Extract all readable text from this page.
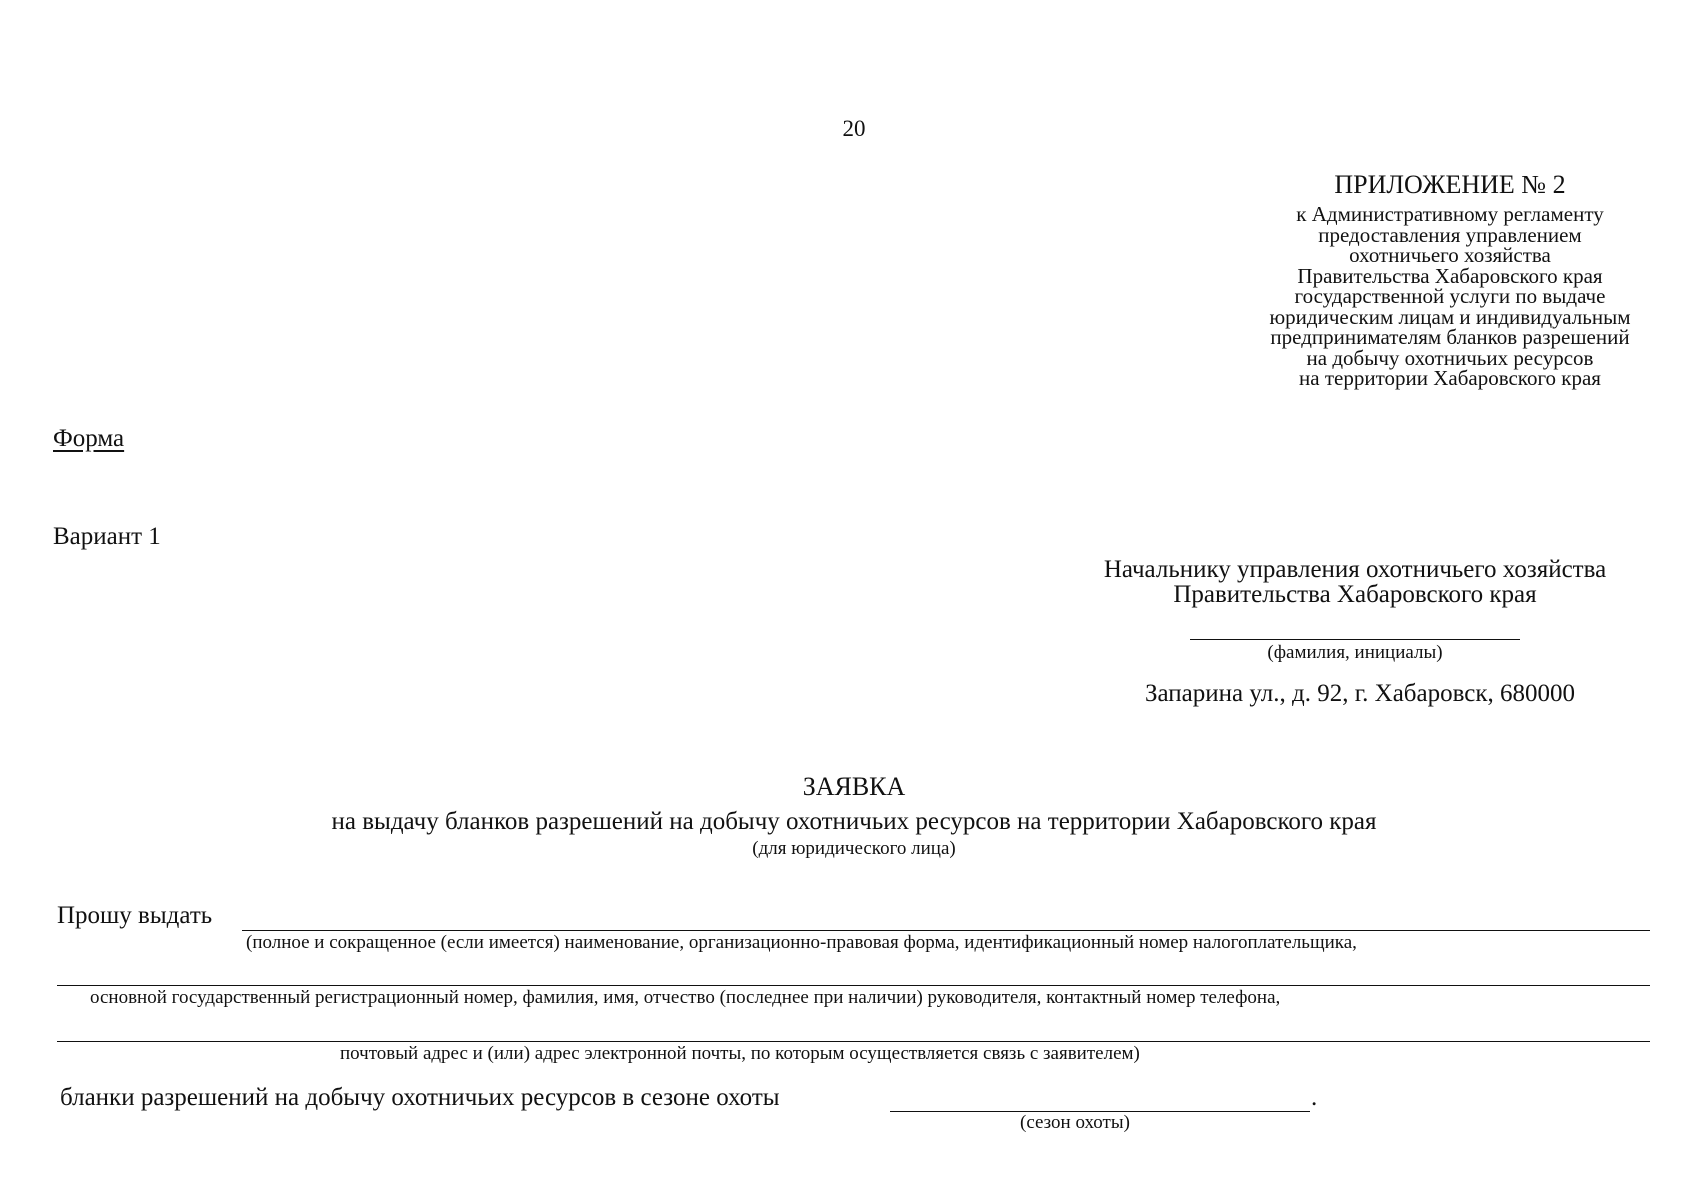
20
ПРИЛОЖЕНИЕ № 2
к Административному регламенту
предоставления управлением
охотничьего хозяйства
Правительства Хабаровского края
государственной услуги по выдаче
юридическим лицам и индивидуальным
предпринимателям бланков разрешений
на добычу охотничьих ресурсов
на территории Хабаровского края
Форма
Вариант 1
Начальнику управления охотничьего хозяйства
Правительства Хабаровского края
(фамилия, инициалы)
Запарина ул., д. 92, г. Хабаровск, 680000
ЗАЯВКА
на выдачу бланков разрешений на добычу охотничьих ресурсов на территории Хабаровского края
(для юридического лица)
Прошу выдать
(полное и сокращенное (если имеется) наименование, организационно-правовая форма, идентификационный номер налогоплательщика,
основной государственный регистрационный номер, фамилия, имя, отчество (последнее при наличии) руководителя, контактный номер телефона,
почтовый адрес и (или) адрес электронной почты, по которым осуществляется связь с заявителем)
бланки разрешений на добычу охотничьих ресурсов в сезоне охоты	.
(сезон охоты)
